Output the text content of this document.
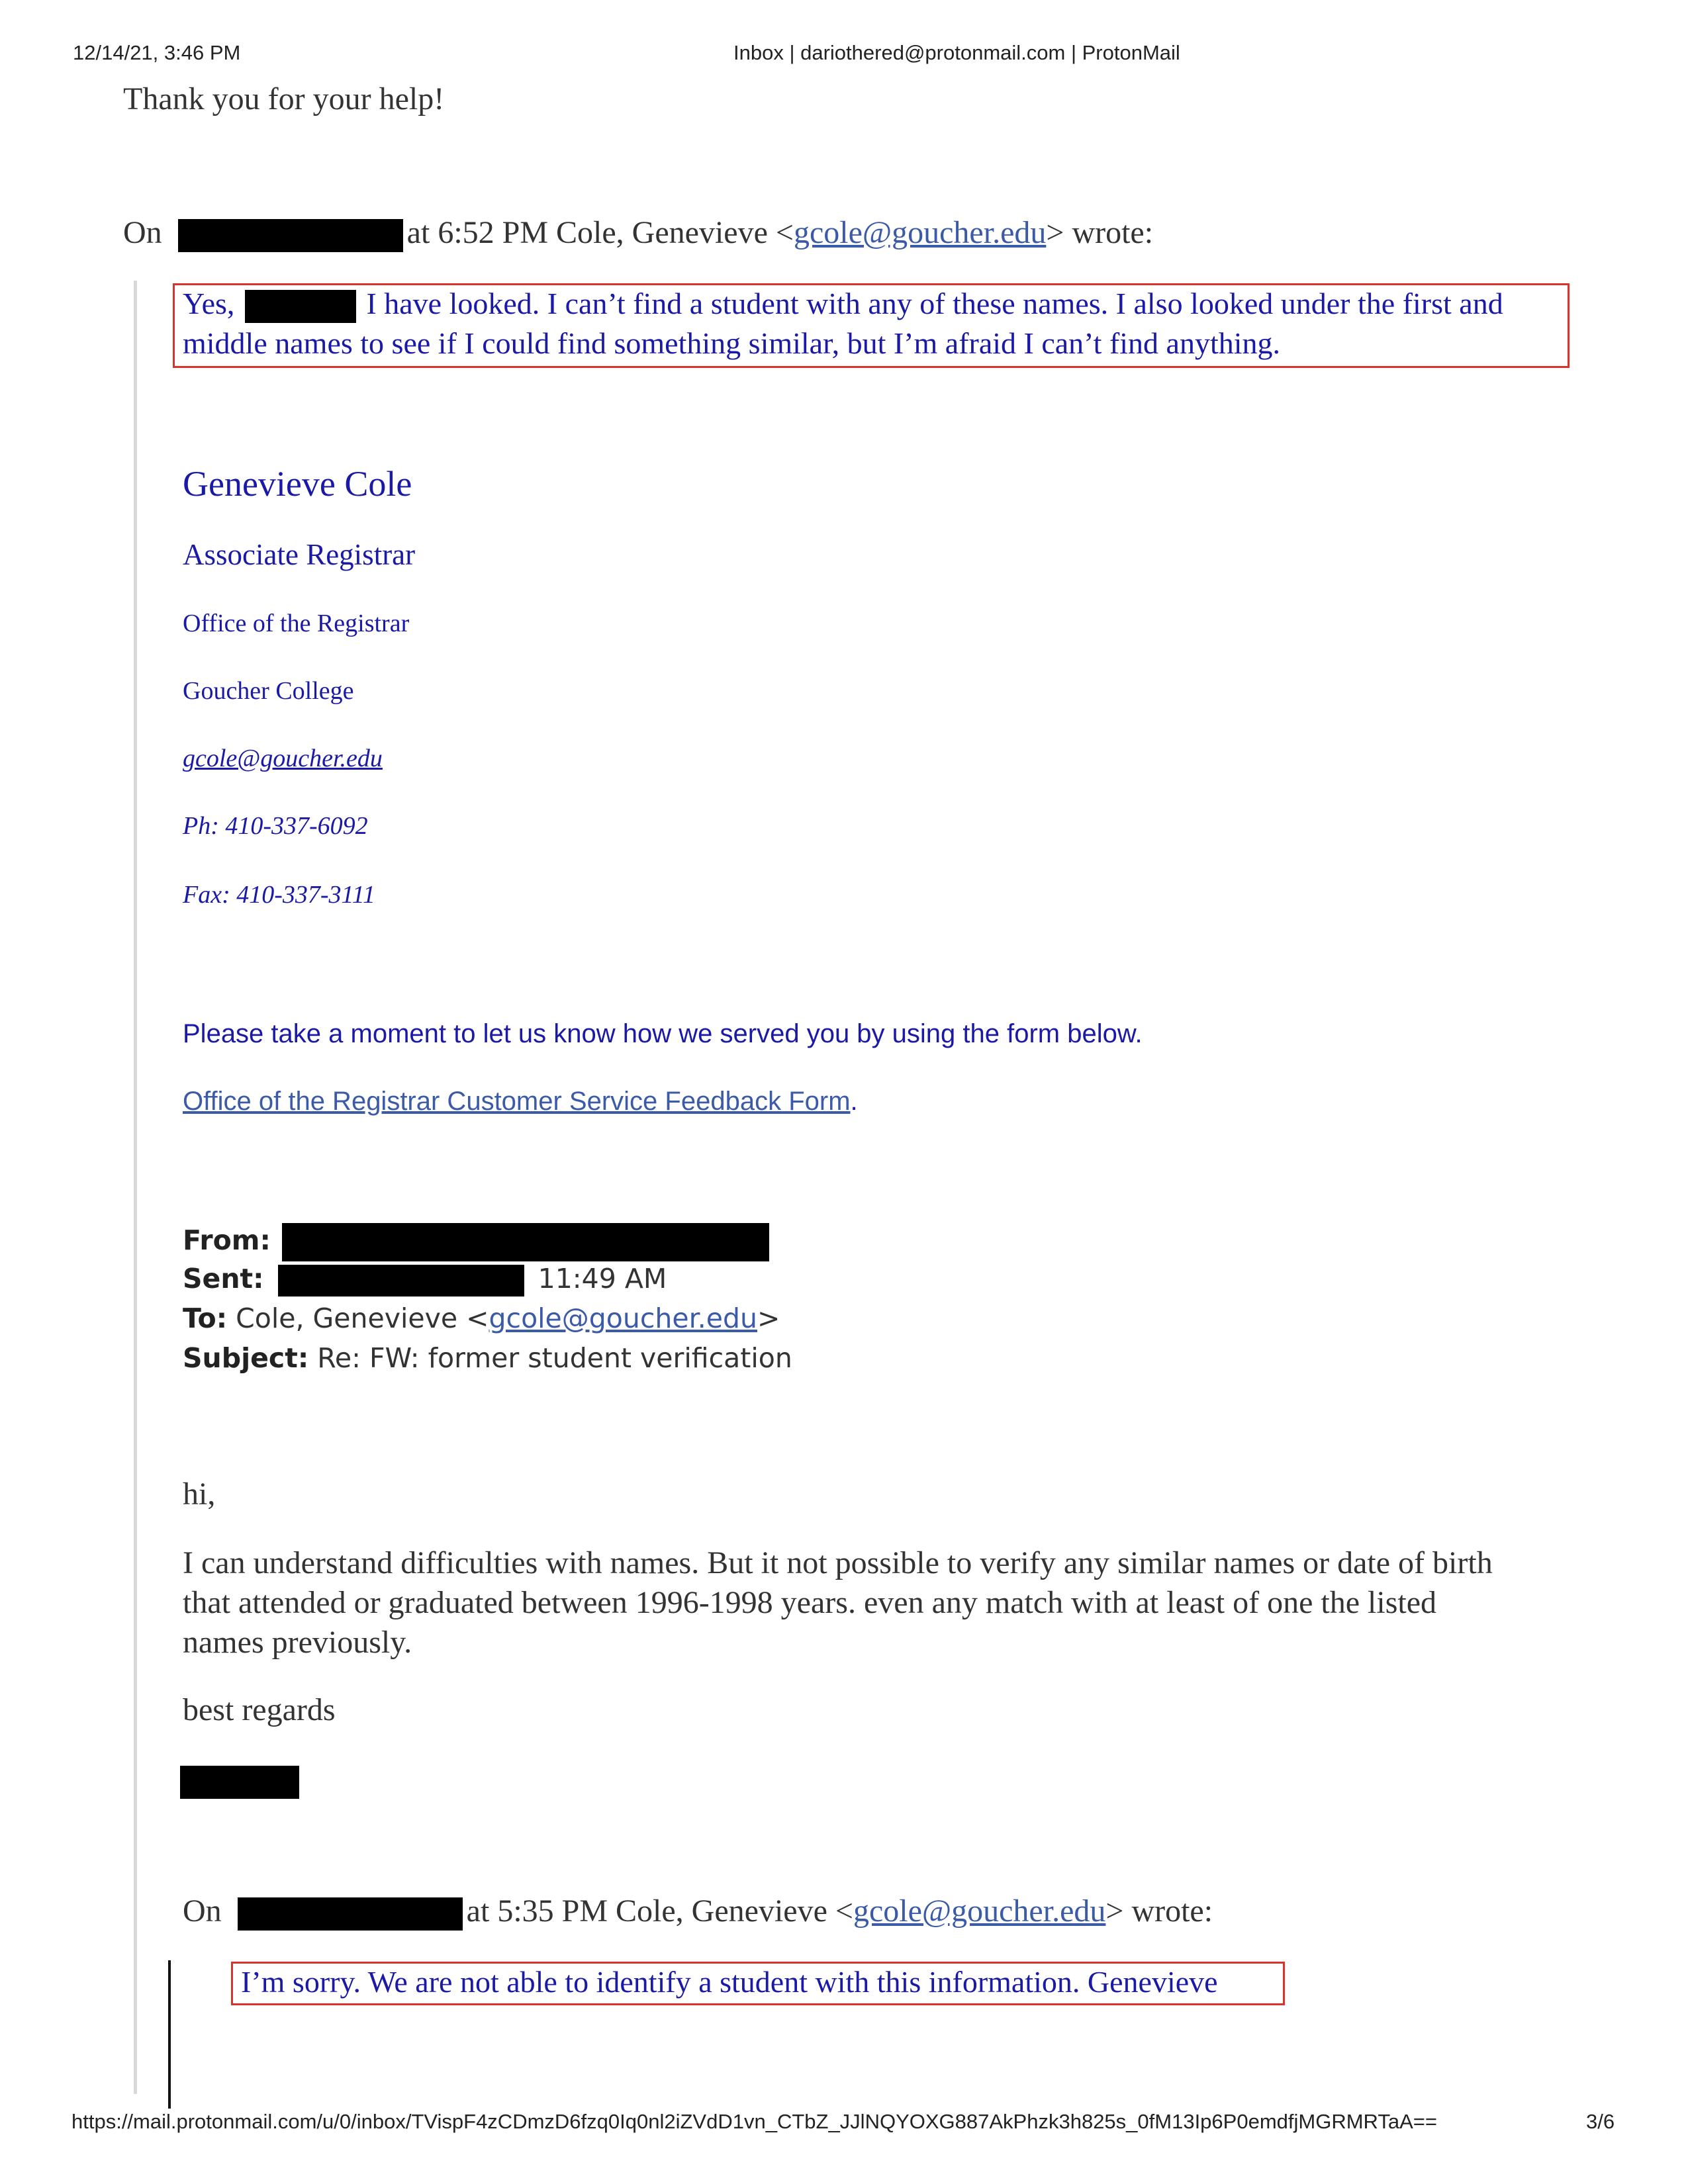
12/14/21, 3:46 PM	Inbox | dariothered@protonmail.com | ProtonMail
Thank you for your help!
On	at 6:52 PM Cole, Genevieve <gcole@goucher.edu> wrote:
Yes,	I have looked. I can’t find a student with any of these names. I also looked under the first and
middle names to see if I could find something similar, but I’m afraid I can’t find anything.
Genevieve Cole
Associate Registrar
Office of the Registrar
Goucher College
gcole@goucher.edu
Ph: 410-337-6092
Fax: 410-337-3111
Please take a moment to let us know how we served you by using the form below.
Office of the Registrar Customer Service Feedback Form.
From:
Sent:	11:49 AM
To: Cole, Genevieve <gcole@goucher.edu>
Subject: Re: FW: former student verification
hi,
I can understand difficulties with names. But it not possible to verify any similar names or date of birth
that attended or graduated between 1996-1998 years. even any match with at least of one the listed
names previously.
best regards
On	at 5:35 PM Cole, Genevieve <gcole@goucher.edu> wrote:
I’m sorry. We are not able to identify a student with this information. Genevieve
https://mail.protonmail.com/u/0/inbox/TVispF4zCDmzD6fzq0Iq0nl2iZVdD1vn_CTbZ_JJlNQYOXG887AkPhzk3h825s_0fM13Ip6P0emdfjMGRMRTaA==	3/6
